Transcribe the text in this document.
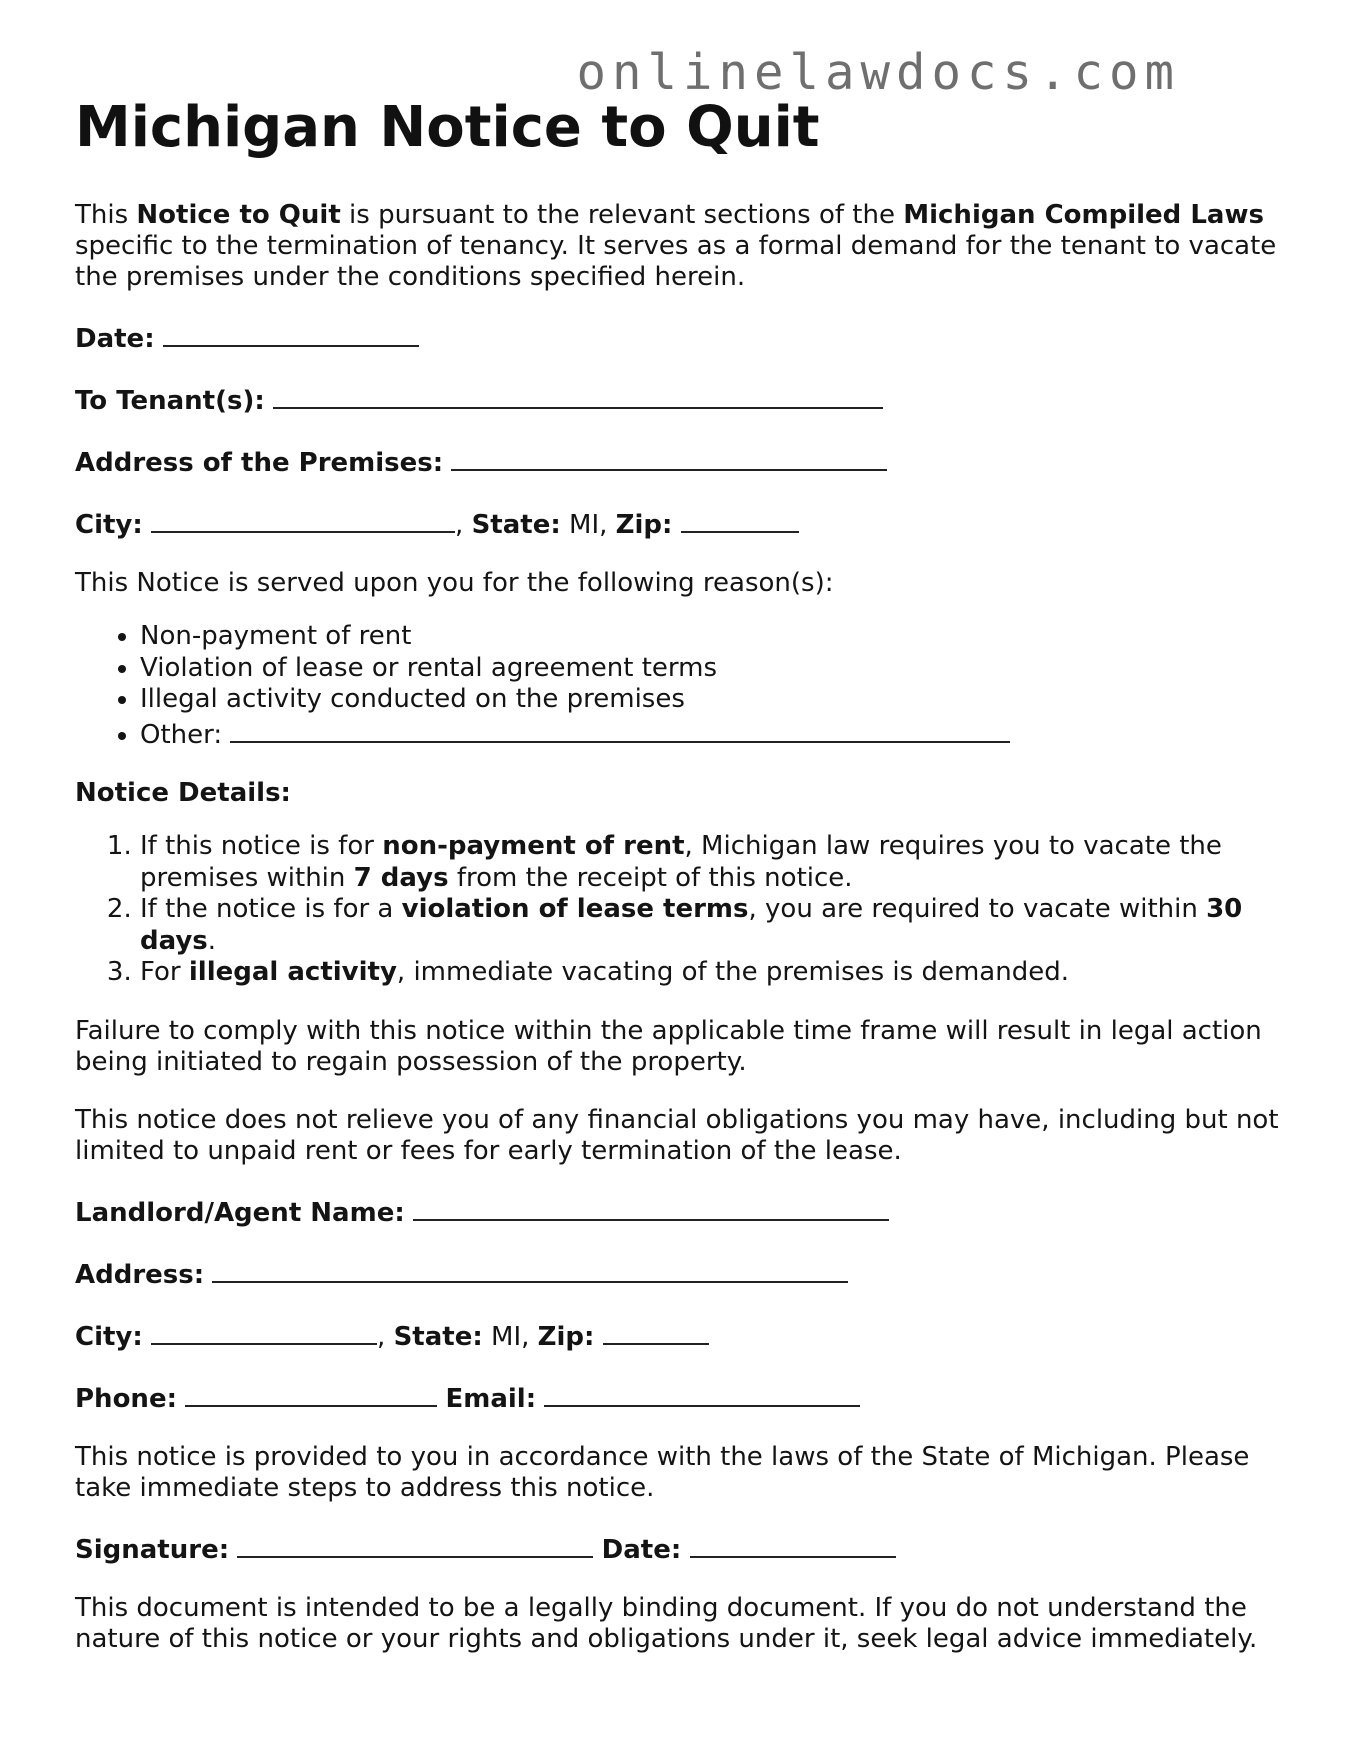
onlinelawdocs.com
Michigan Notice to Quit

This Notice to Quit is pursuant to the relevant sections of the Michigan Compiled Laws specific to the termination of tenancy. It serves as a formal demand for the tenant to vacate the premises under the conditions specified herein.

Date:
To Tenant(s):
Address of the Premises:
City:	, State: MI, Zip:

This Notice is served upon you for the following reason(s):

• Non-payment of rent
• Violation of lease or rental agreement terms
• Illegal activity conducted on the premises
• Other:
Notice Details:
1. If this notice is for non-payment of rent, Michigan law requires you to vacate the premises within 7 days from the receipt of this notice.
2. If the notice is for a violation of lease terms, you are required to vacate within 30 days.
3. For illegal activity, immediate vacating of the premises is demanded.

Failure to comply with this notice within the applicable time frame will result in legal action being initiated to regain possession of the property.

This notice does not relieve you of any financial obligations you may have, including but not limited to unpaid rent or fees for early termination of the lease.

Landlord/Agent Name:
Address:
City:	, State: MI, Zip:
Phone:	Email:

This notice is provided to you in accordance with the laws of the State of Michigan. Please take immediate steps to address this notice.

Signature:	Date:

This document is intended to be a legally binding document. If you do not understand the nature of this notice or your rights and obligations under it, seek legal advice immediately.
